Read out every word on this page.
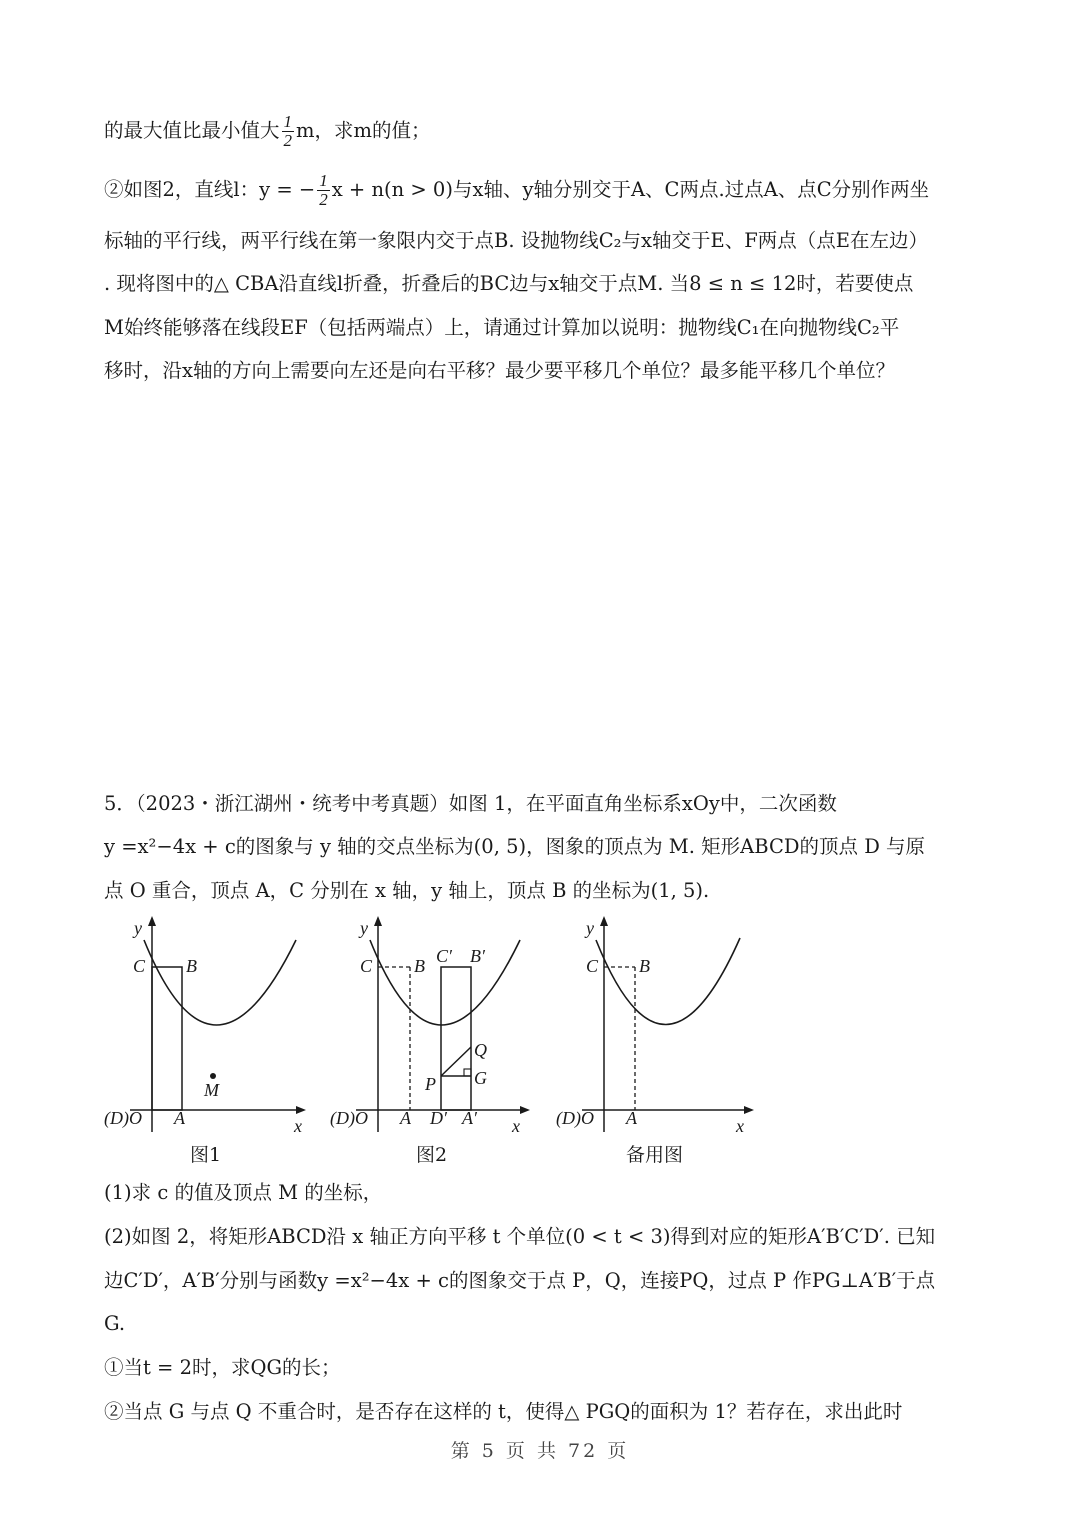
的最大值比最小值大 $\frac{1}{2}$ m，求m的值；
②如图2，直线l：y = − $\frac{1}{2}$ x + n(n > 0)与x轴、y轴分别交于A、C两点.过点A、点C分别作两坐
标轴的平行线，两平行线在第一象限内交于点B. 设抛物线C₂与x轴交于E、F两点（点E在左边）
. 现将图中的△ CBA沿直线l折叠，折叠后的BC边与x轴交于点M. 当8 ≤ n ≤ 12时，若要使点
M始终能够落在线段EF（包括两端点）上，请通过计算加以说明：抛物线C₁在向抛物线C₂平
移时，沿x轴的方向上需要向左还是向右平移？最少要平移几个单位？最多能平移几个单位？
5．（2023・浙江湖州・统考中考真题）如图 1，在平面直角坐标系xOy中，二次函数
y =x²−4x + c的图象与 y 轴的交点坐标为(0, 5)，图象的顶点为 M. 矩形ABCD的顶点 D 与原
点 O 重合，顶点 A，C 分别在 x 轴，y 轴上，顶点 B 的坐标为(1, 5).
y
x
C B
M
(D)O A
图1
y
x
C B C′ B′
Q
P G
(D)O A D′ A′
图2
y
x
C B
(D)O A
备用图
(1)求 c 的值及顶点 M 的坐标，
(2)如图 2，将矩形ABCD沿 x 轴正方向平移 t 个单位(0 < t < 3)得到对应的矩形A′B′C′D′. 已知
边C′D′，A′B′分别与函数y =x²−4x + c的图象交于点 P，Q，连接PQ，过点 P 作PG⊥A′B′于点
G.
①当t = 2时，求QG的长；
②当点 G 与点 Q 不重合时，是否存在这样的 t，使得△ PGQ的面积为 1？若存在，求出此时
第 5 页 共 72 页
